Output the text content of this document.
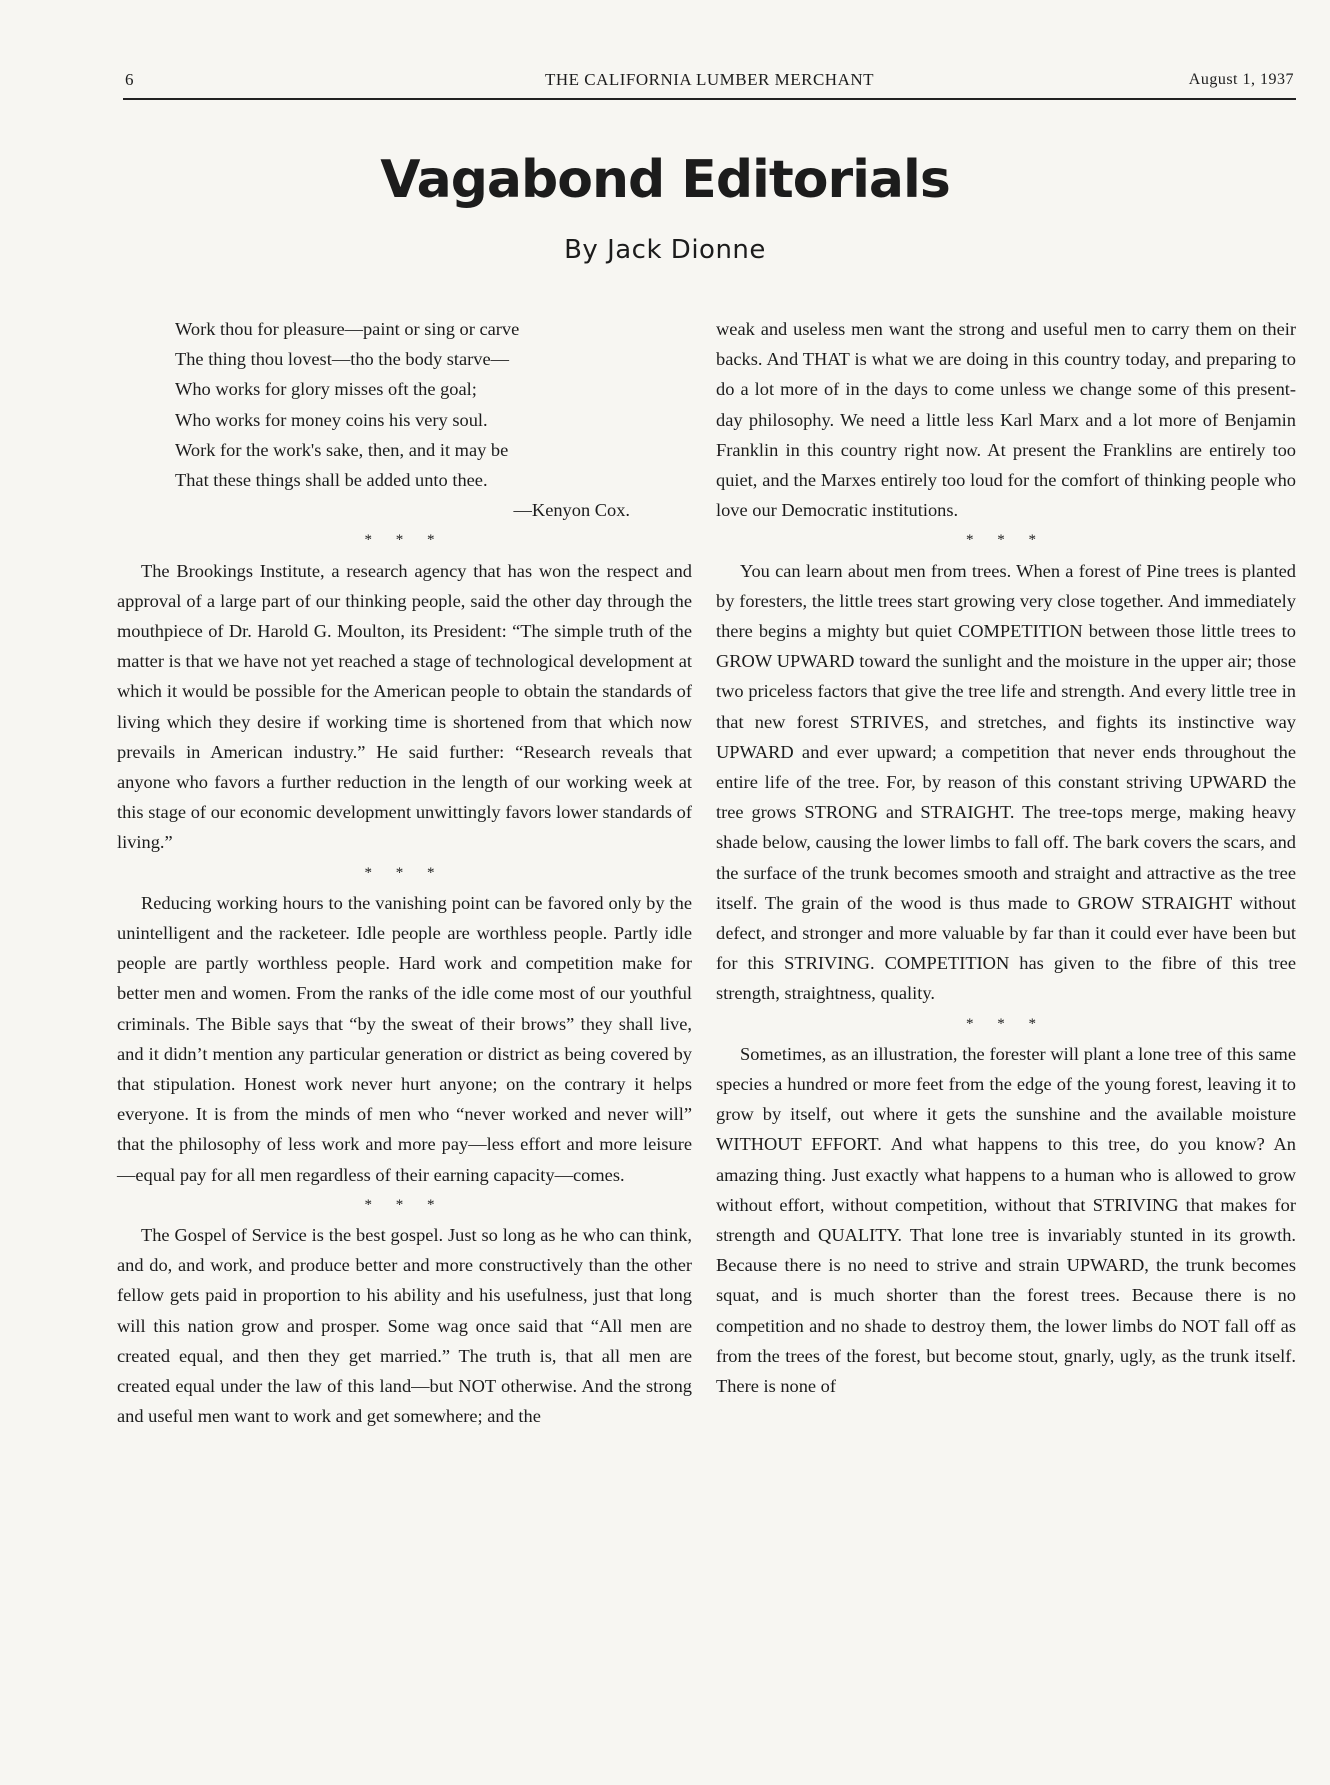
6	THE CALIFORNIA LUMBER MERCHANT	August 1, 1937
Vagabond Editorials
By Jack Dionne
Work thou for pleasure—paint or sing or carve
The thing thou lovest—tho the body starve—
Who works for glory misses oft the goal;
Who works for money coins his very soul.
Work for the work's sake, then, and it may be
That these things shall be added unto thee.
—Kenyon Cox.
* * *

The Brookings Institute, a research agency that has won the respect and approval of a large part of our thinking people, said the other day through the mouthpiece of Dr. Harold G. Moulton, its President: “The simple truth of the matter is that we have not yet reached a stage of technological development at which it would be possible for the American people to obtain the standards of living which they desire if working time is shortened from that which now prevails in American industry.” He said further: “Research reveals that anyone who favors a further reduction in the length of our working week at this stage of our economic development unwittingly favors lower standards of living.”

* * *

Reducing working hours to the vanishing point can be favored only by the unintelligent and the racketeer. Idle people are worthless people. Partly idle people are partly worthless people. Hard work and competition make for better men and women. From the ranks of the idle come most of our youthful criminals. The Bible says that “by the sweat of their brows” they shall live, and it didn’t mention any particular generation or district as being covered by that stipulation. Honest work never hurt anyone; on the contrary it helps everyone. It is from the minds of men who “never worked and never will” that the philosophy of less work and more pay—less effort and more leisure—equal pay for all men regardless of their earning capacity—comes.

* * *

The Gospel of Service is the best gospel. Just so long as he who can think, and do, and work, and produce better and more constructively than the other fellow gets paid in proportion to his ability and his usefulness, just that long will this nation grow and prosper. Some wag once said that “All men are created equal, and then they get married.” The truth is, that all men are created equal under the law of this land—but NOT otherwise. And the strong and useful men want to work and get somewhere; and the

weak and useless men want the strong and useful men to carry them on their backs. And THAT is what we are doing in this country today, and preparing to do a lot more of in the days to come unless we change some of this present-day philosophy. We need a little less Karl Marx and a lot more of Benjamin Franklin in this country right now. At present the Franklins are entirely too quiet, and the Marxes entirely too loud for the comfort of thinking people who love our Democratic institutions.

* * *

You can learn about men from trees. When a forest of Pine trees is planted by foresters, the little trees start growing very close together. And immediately there begins a mighty but quiet COMPETITION between those little trees to GROW UPWARD toward the sunlight and the moisture in the upper air; those two priceless factors that give the tree life and strength. And every little tree in that new forest STRIVES, and stretches, and fights its instinctive way UPWARD and ever upward; a competition that never ends throughout the entire life of the tree. For, by reason of this constant striving UPWARD the tree grows STRONG and STRAIGHT. The tree-tops merge, making heavy shade below, causing the lower limbs to fall off. The bark covers the scars, and the surface of the trunk becomes smooth and straight and attractive as the tree itself. The grain of the wood is thus made to GROW STRAIGHT without defect, and stronger and more valuable by far than it could ever have been but for this STRIVING. COMPETITION has given to the fibre of this tree strength, straightness, quality.

* * *

Sometimes, as an illustration, the forester will plant a lone tree of this same species a hundred or more feet from the edge of the young forest, leaving it to grow by itself, out where it gets the sunshine and the available moisture WITHOUT EFFORT. And what happens to this tree, do you know? An amazing thing. Just exactly what happens to a human who is allowed to grow without effort, without competition, without that STRIVING that makes for strength and QUALITY. That lone tree is invariably stunted in its growth. Because there is no need to strive and strain UPWARD, the trunk becomes squat, and is much shorter than the forest trees. Because there is no competition and no shade to destroy them, the lower limbs do NOT fall off as from the trees of the forest, but become stout, gnarly, ugly, as the trunk itself. There is none of
